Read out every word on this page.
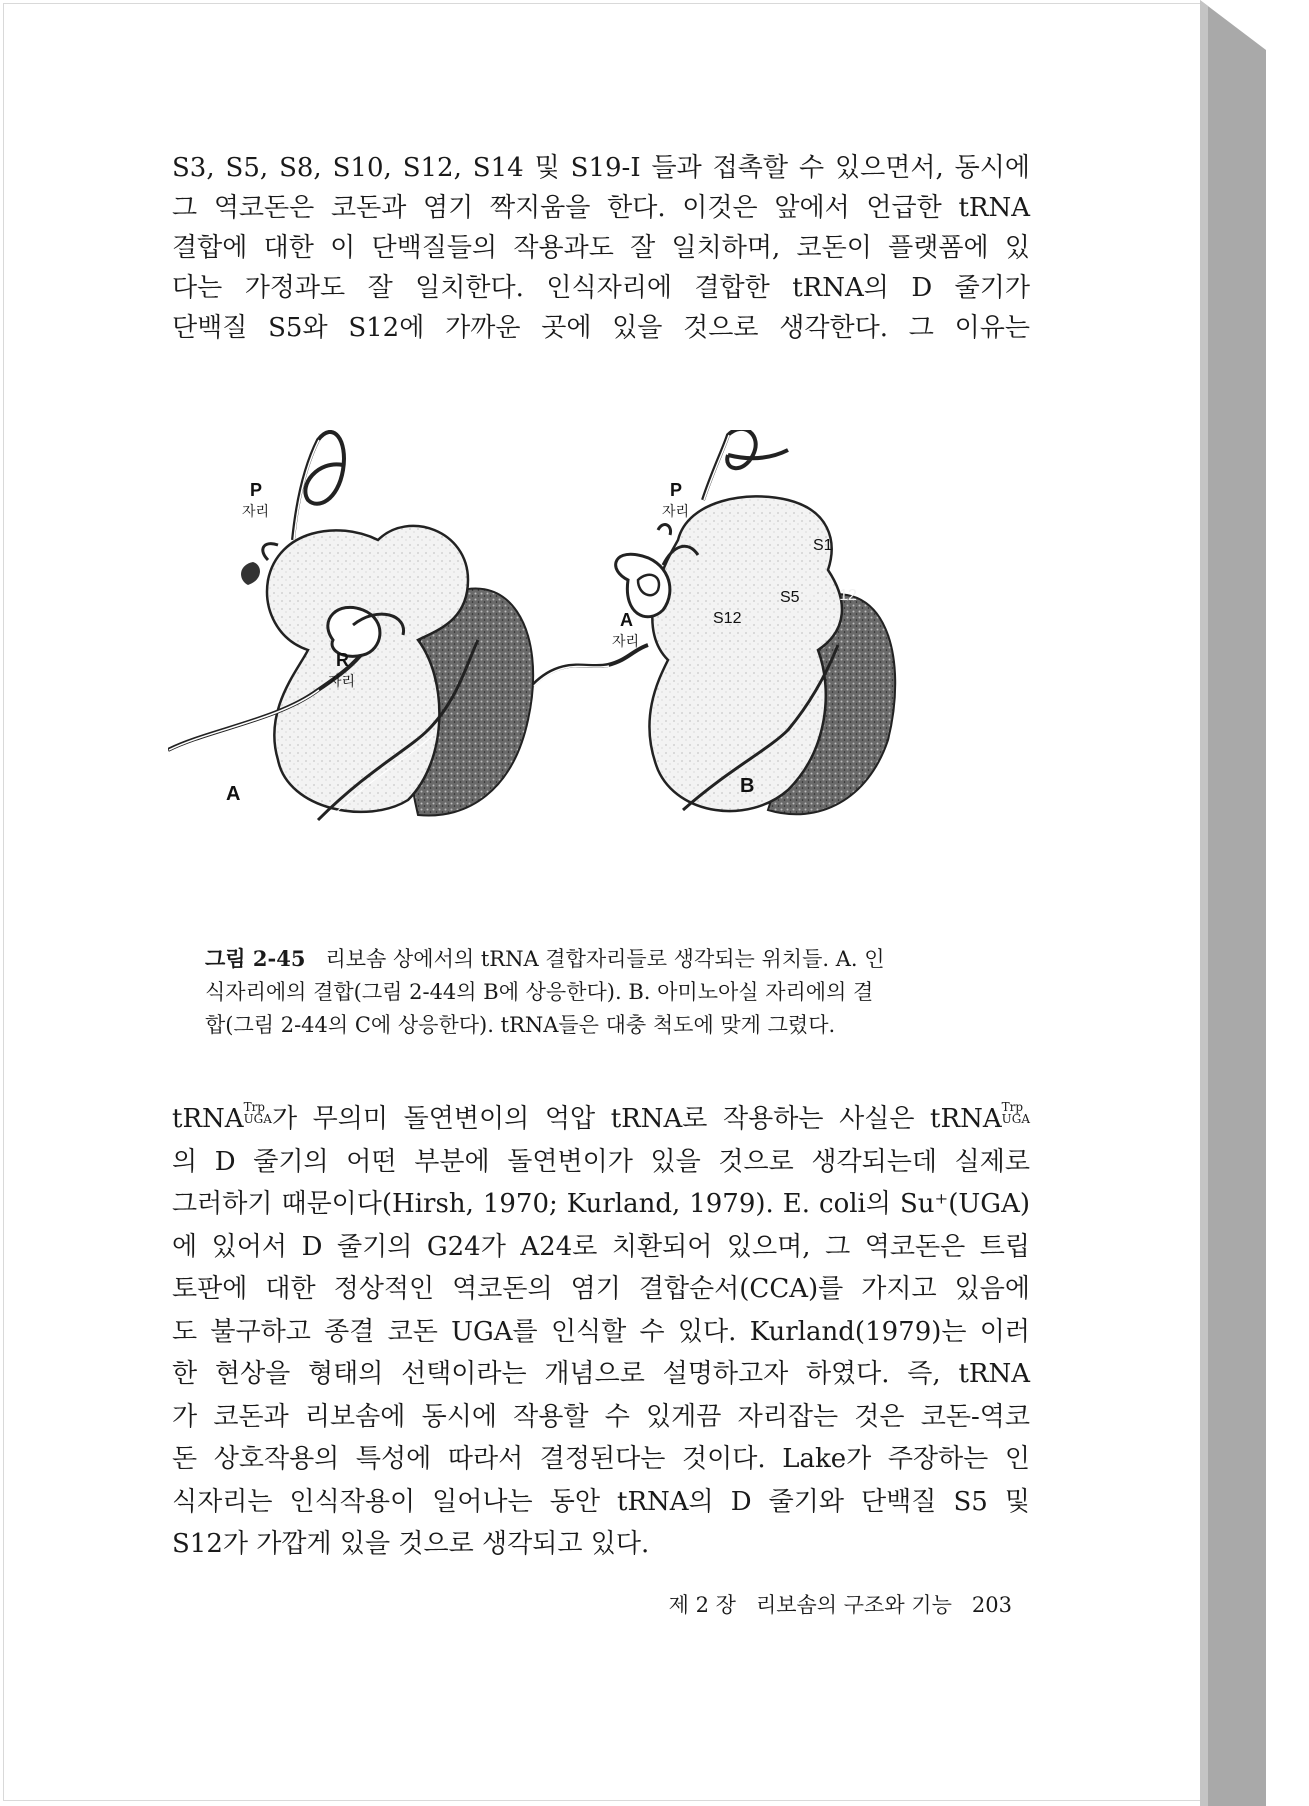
S3, S5, S8, S10, S12, S14 및 S19-I 들과 접촉할 수 있으면서, 동시에
그 역코돈은 코돈과 염기 짝지움을 한다. 이것은 앞에서 언급한 tRNA
결합에 대한 이 단백질들의 작용과도 잘 일치하며, 코돈이 플랫폼에 있
다는 가정과도 잘 일치한다. 인식자리에 결합한 tRNA의 D 줄기가
단백질 S5와 S12에 가까운 곳에 있을 것으로 생각한다. 그 이유는
P
자리
R
자리
A
P
자리
A
자리
S1
S12
S5 L7/L12
B
그림 2-45 리보솜 상에서의 tRNA 결합자리들로 생각되는 위치들. A. 인
식자리에의 결합(그림 2-44의 B에 상응한다). B. 아미노아실 자리에의 결
합(그림 2-44의 C에 상응한다). tRNA들은 대충 척도에 맞게 그렸다.
tRNA $^{Trp UGA}$ 가 무의미 돌연변이의 억압 tRNA로 작용하는 사실은 tRNA $^{Trp UGA}$
의 D 줄기의 어떤 부분에 돌연변이가 있을 것으로 생각되는데 실제로
그러하기 때문이다(Hirsh, 1970; Kurland, 1979). E. coli의 Su⁺(UGA)
에 있어서 D 줄기의 G24가 A24로 치환되어 있으며, 그 역코돈은 트립
토판에 대한 정상적인 역코돈의 염기 결합순서(CCA)를 가지고 있음에
도 불구하고 종결 코돈 UGA를 인식할 수 있다. Kurland(1979)는 이러
한 현상을 형태의 선택이라는 개념으로 설명하고자 하였다. 즉, tRNA
가 코돈과 리보솜에 동시에 작용할 수 있게끔 자리잡는 것은 코돈-역코
돈 상호작용의 특성에 따라서 결정된다는 것이다. Lake가 주장하는 인
식자리는 인식작용이 일어나는 동안 tRNA의 D 줄기와 단백질 S5 및
S12가 가깝게 있을 것으로 생각되고 있다.
제 2 장 리보솜의 구조와 기능 203
